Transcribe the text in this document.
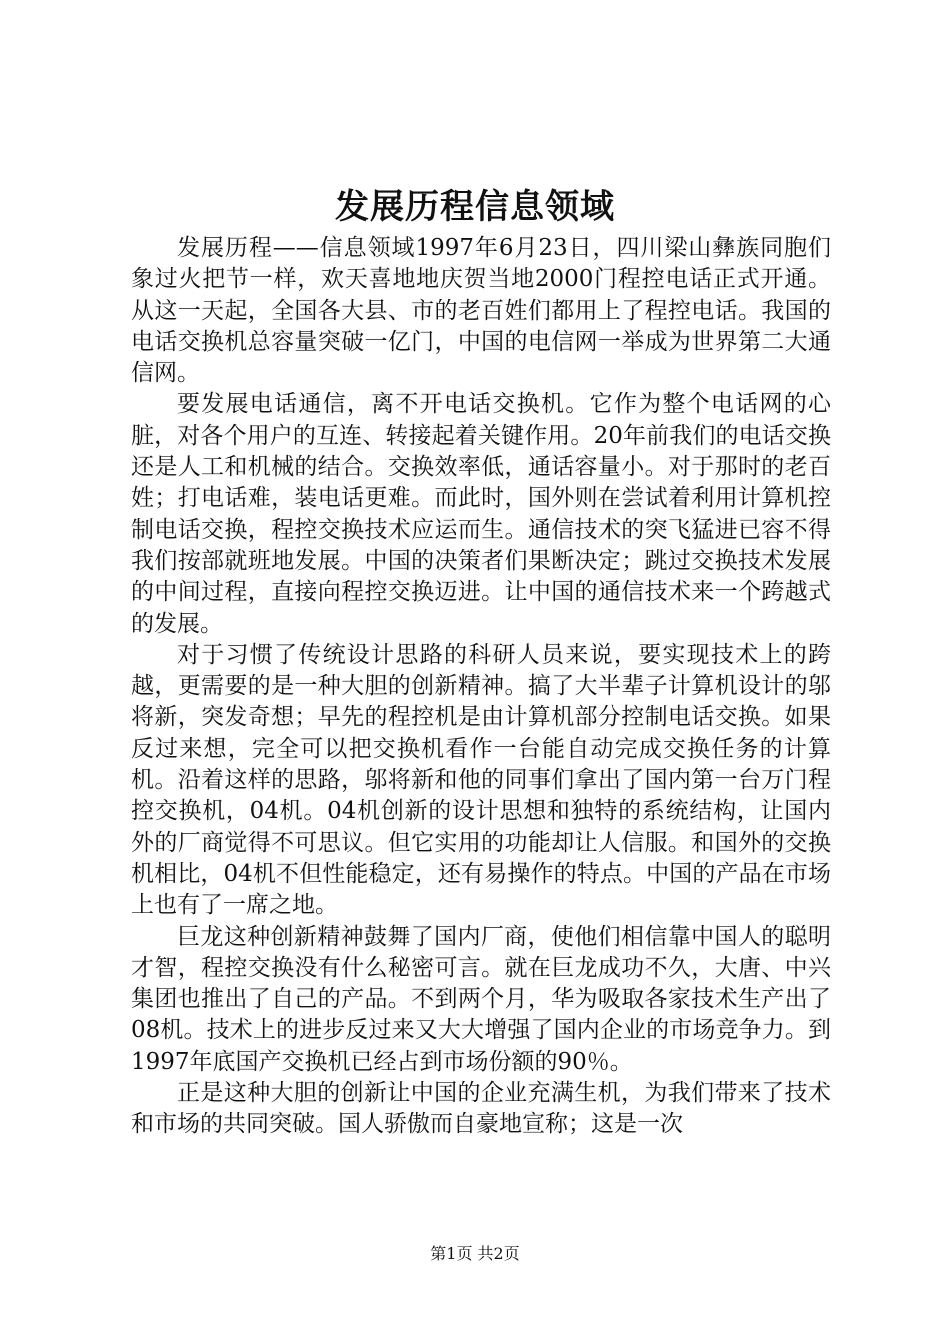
发展历程信息领域

发展历程——信息领域1997年6月23日，四川梁山彝族同胞们象过火把节一样，欢天喜地地庆贺当地2000门程控电话正式开通。从这一天起，全国各大县、市的老百姓们都用上了程控电话。我国的电话交换机总容量突破一亿门，中国的电信网一举成为世界第二大通信网。

要发展电话通信，离不开电话交换机。它作为整个电话网的心脏，对各个用户的互连、转接起着关键作用。20年前我们的电话交换还是人工和机械的结合。交换效率低，通话容量小。对于那时的老百姓；打电话难，装电话更难。而此时，国外则在尝试着利用计算机控制电话交换，程控交换技术应运而生。通信技术的突飞猛进已容不得我们按部就班地发展。中国的决策者们果断决定；跳过交换技术发展的中间过程，直接向程控交换迈进。让中国的通信技术来一个跨越式的发展。

对于习惯了传统设计思路的科研人员来说，要实现技术上的跨越，更需要的是一种大胆的创新精神。搞了大半辈子计算机设计的邬将新，突发奇想；早先的程控机是由计算机部分控制电话交换。如果反过来想，完全可以把交换机看作一台能自动完成交换任务的计算机。沿着这样的思路，邬将新和他的同事们拿出了国内第一台万门程控交换机，04机。04机创新的设计思想和独特的系统结构，让国内外的厂商觉得不可思议。但它实用的功能却让人信服。和国外的交换机相比，04机不但性能稳定，还有易操作的特点。中国的产品在市场上也有了一席之地。

巨龙这种创新精神鼓舞了国内厂商，使他们相信靠中国人的聪明才智，程控交换没有什么秘密可言。就在巨龙成功不久，大唐、中兴集团也推出了自己的产品。不到两个月，华为吸取各家技术生产出了08机。技术上的进步反过来又大大增强了国内企业的市场竞争力。到1997年底国产交换机已经占到市场份额的90％。

正是这种大胆的创新让中国的企业充满生机，为我们带来了技术和市场的共同突破。国人骄傲而自豪地宣称；这是一次

第1页 共2页
